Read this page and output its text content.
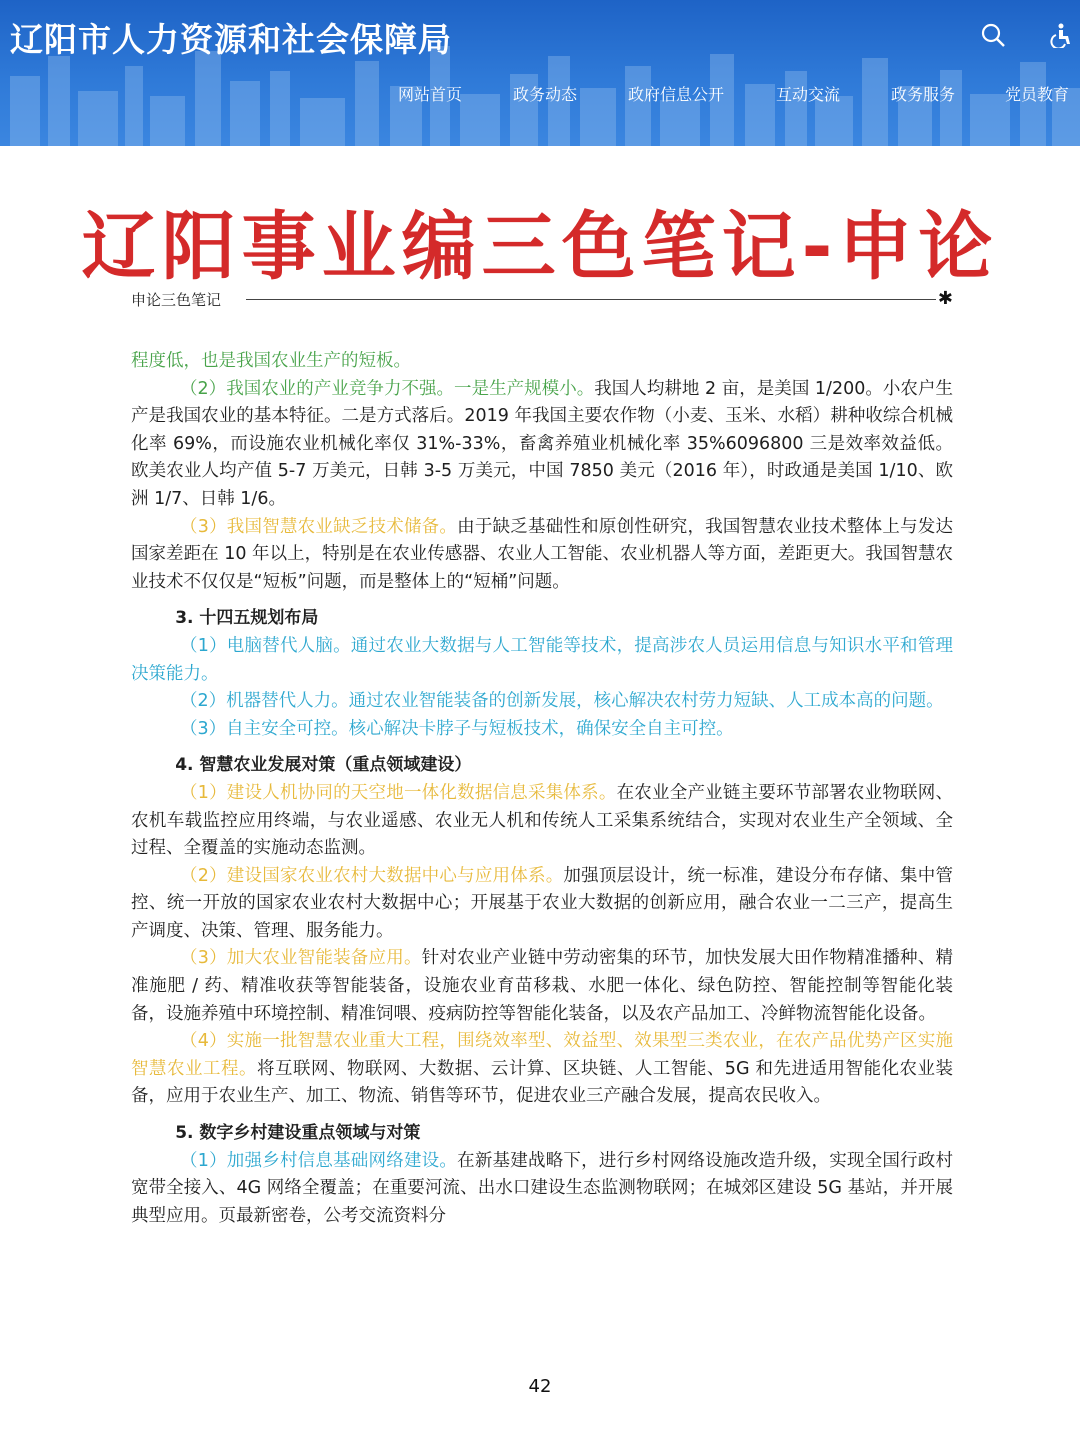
辽阳市人力资源和社会保障局
网站首页	政务动态	政府信息公开	互动交流	政务服务	党员教育
辽阳事业编三色笔记-申论
申论三色笔记	✱

程度低，也是我国农业生产的短板。

（2）我国农业的产业竞争力不强。一是生产规模小。我国人均耕地 2 亩，是美国 1/200。小农户生产是我国农业的基本特征。二是方式落后。2019 年我国主要农作物（小麦、玉米、水稻）耕种收综合机械化率 69%，而设施农业机械化率仅 31%-33%，畜禽养殖业机械化率 35%6096800 三是效率效益低。欧美农业人均产值 5-7 万美元，日韩 3-5 万美元，中国 7850 美元（2016 年），时政通是美国 1/10、欧洲 1/7、日韩 1/6。

（3）我国智慧农业缺乏技术储备。由于缺乏基础性和原创性研究，我国智慧农业技术整体上与发达国家差距在 10 年以上，特别是在农业传感器、农业人工智能、农业机器人等方面，差距更大。我国智慧农业技术不仅仅是“短板”问题，而是整体上的“短桶”问题。

3. 十四五规划布局

（1）电脑替代人脑。通过农业大数据与人工智能等技术，提高涉农人员运用信息与知识水平和管理决策能力。

（2）机器替代人力。通过农业智能装备的创新发展，核心解决农村劳力短缺、人工成本高的问题。

（3）自主安全可控。核心解决卡脖子与短板技术，确保安全自主可控。

4. 智慧农业发展对策（重点领域建设）

（1）建设人机协同的天空地一体化数据信息采集体系。在农业全产业链主要环节部署农业物联网、农机车载监控应用终端，与农业遥感、农业无人机和传统人工采集系统结合，实现对农业生产全领域、全过程、全覆盖的实施动态监测。

（2）建设国家农业农村大数据中心与应用体系。加强顶层设计，统一标准，建设分布存储、集中管控、统一开放的国家农业农村大数据中心；开展基于农业大数据的创新应用，融合农业一二三产，提高生产调度、决策、管理、服务能力。

（3）加大农业智能装备应用。针对农业产业链中劳动密集的环节，加快发展大田作物精准播种、精准施肥 / 药、精准收获等智能装备，设施农业育苗移栽、水肥一体化、绿色防控、智能控制等智能化装备，设施养殖中环境控制、精准饲喂、疫病防控等智能化装备，以及农产品加工、冷鲜物流智能化设备。

（4）实施一批智慧农业重大工程，围绕效率型、效益型、效果型三类农业，在农产品优势产区实施智慧农业工程。将互联网、物联网、大数据、云计算、区块链、人工智能、5G 和先进适用智能化农业装备，应用于农业生产、加工、物流、销售等环节，促进农业三产融合发展，提高农民收入。

5. 数字乡村建设重点领域与对策

（1）加强乡村信息基础网络建设。在新基建战略下，进行乡村网络设施改造升级，实现全国行政村宽带全接入、4G 网络全覆盖；在重要河流、出水口建设生态监测物联网；在城郊区建设 5G 基站，并开展典型应用。页最新密卷，公考交流资料分

42
